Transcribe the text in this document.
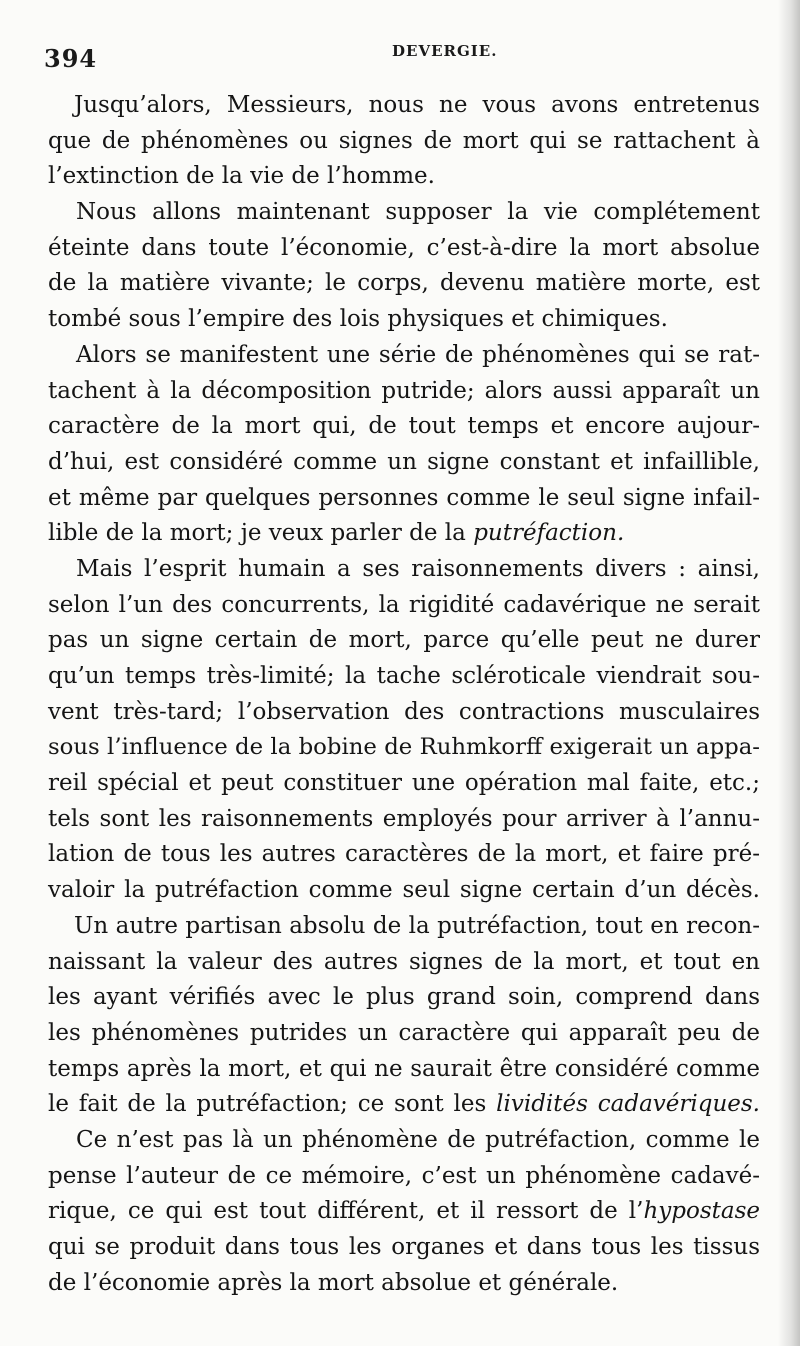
394	DEVERGIE.
Jusqu’alors, Messieurs, nous ne vous avons entretenus
que de phénomènes ou signes de mort qui se rattachent à
l’extinction de la vie de l’homme.
Nous allons maintenant supposer la vie complétement
éteinte dans toute l’économie, c’est-à-dire la mort absolue
de la matière vivante; le corps, devenu matière morte, est
tombé sous l’empire des lois physiques et chimiques.
Alors se manifestent une série de phénomènes qui se rat-
tachent à la décomposition putride; alors aussi apparaît un
caractère de la mort qui, de tout temps et encore aujour-
d’hui, est considéré comme un signe constant et infaillible,
et même par quelques personnes comme le seul signe infail-
lible de la mort; je veux parler de la putréfaction.
Mais l’esprit humain a ses raisonnements divers : ainsi,
selon l’un des concurrents, la rigidité cadavérique ne serait
pas un signe certain de mort, parce qu’elle peut ne durer
qu’un temps très-limité; la tache scléroticale viendrait sou-
vent très-tard; l’observation des contractions musculaires
sous l’influence de la bobine de Ruhmkorff exigerait un appa-
reil spécial et peut constituer une opération mal faite, etc.;
tels sont les raisonnements employés pour arriver à l’annu-
lation de tous les autres caractères de la mort, et faire pré-
valoir la putréfaction comme seul signe certain d’un décès.
Un autre partisan absolu de la putréfaction, tout en recon-
naissant la valeur des autres signes de la mort, et tout en
les ayant vérifiés avec le plus grand soin, comprend dans
les phénomènes putrides un caractère qui apparaît peu de
temps après la mort, et qui ne saurait être considéré comme
le fait de la putréfaction; ce sont les lividités cadavériques.
Ce n’est pas là un phénomène de putréfaction, comme le
pense l’auteur de ce mémoire, c’est un phénomène cadavé-
rique, ce qui est tout différent, et il ressort de l’hypostase
qui se produit dans tous les organes et dans tous les tissus
de l’économie après la mort absolue et générale.
